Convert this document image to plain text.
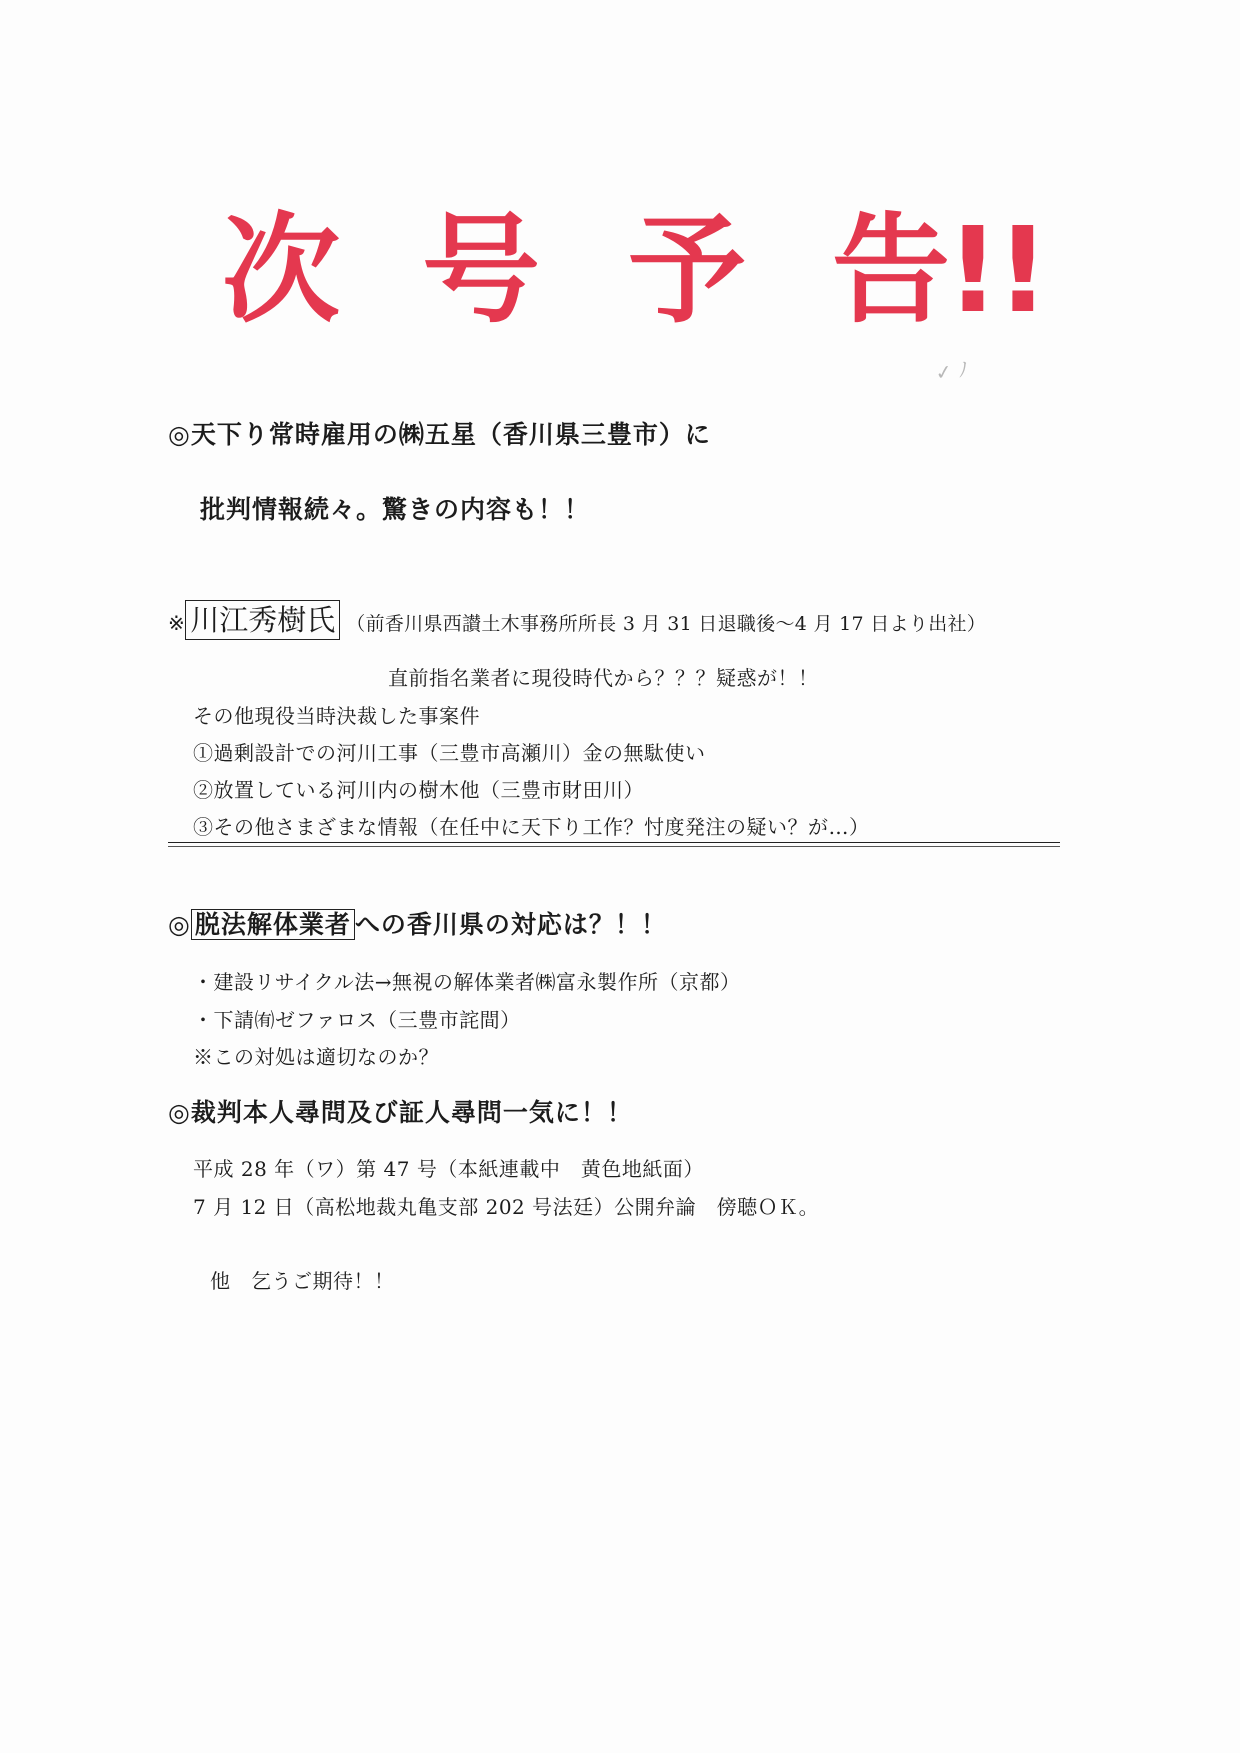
次 号 予 告!!
✓ ﾉ
◎天下り常時雇用の㈱五星（香川県三豊市）に
批判情報続々。驚きの内容も！！
※ 川江秀樹氏 （前香川県西讃土木事務所所長 3 月 31 日退職後～4 月 17 日より出社）
直前指名業者に現役時代から？？？疑惑が！！
その他現役当時決裁した事案件
①過剰設計での河川工事（三豊市高瀬川）金の無駄使い
②放置している河川内の樹木他（三豊市財田川）
③その他さまざまな情報（在任中に天下り工作？忖度発注の疑い？が…）
◎ 脱法解体業者 への香川県の対応は？！！
・建設リサイクル法→無視の解体業者㈱富永製作所（京都）
・下請㈲ゼファロス（三豊市詫間）
※この対処は適切なのか？
◎裁判本人尋問及び証人尋問一気に！！
平成 28 年（ワ）第 47 号（本紙連載中　黄色地紙面）
7 月 12 日（高松地裁丸亀支部 202 号法廷）公開弁論　傍聴ＯＫ。
他　乞うご期待！！
